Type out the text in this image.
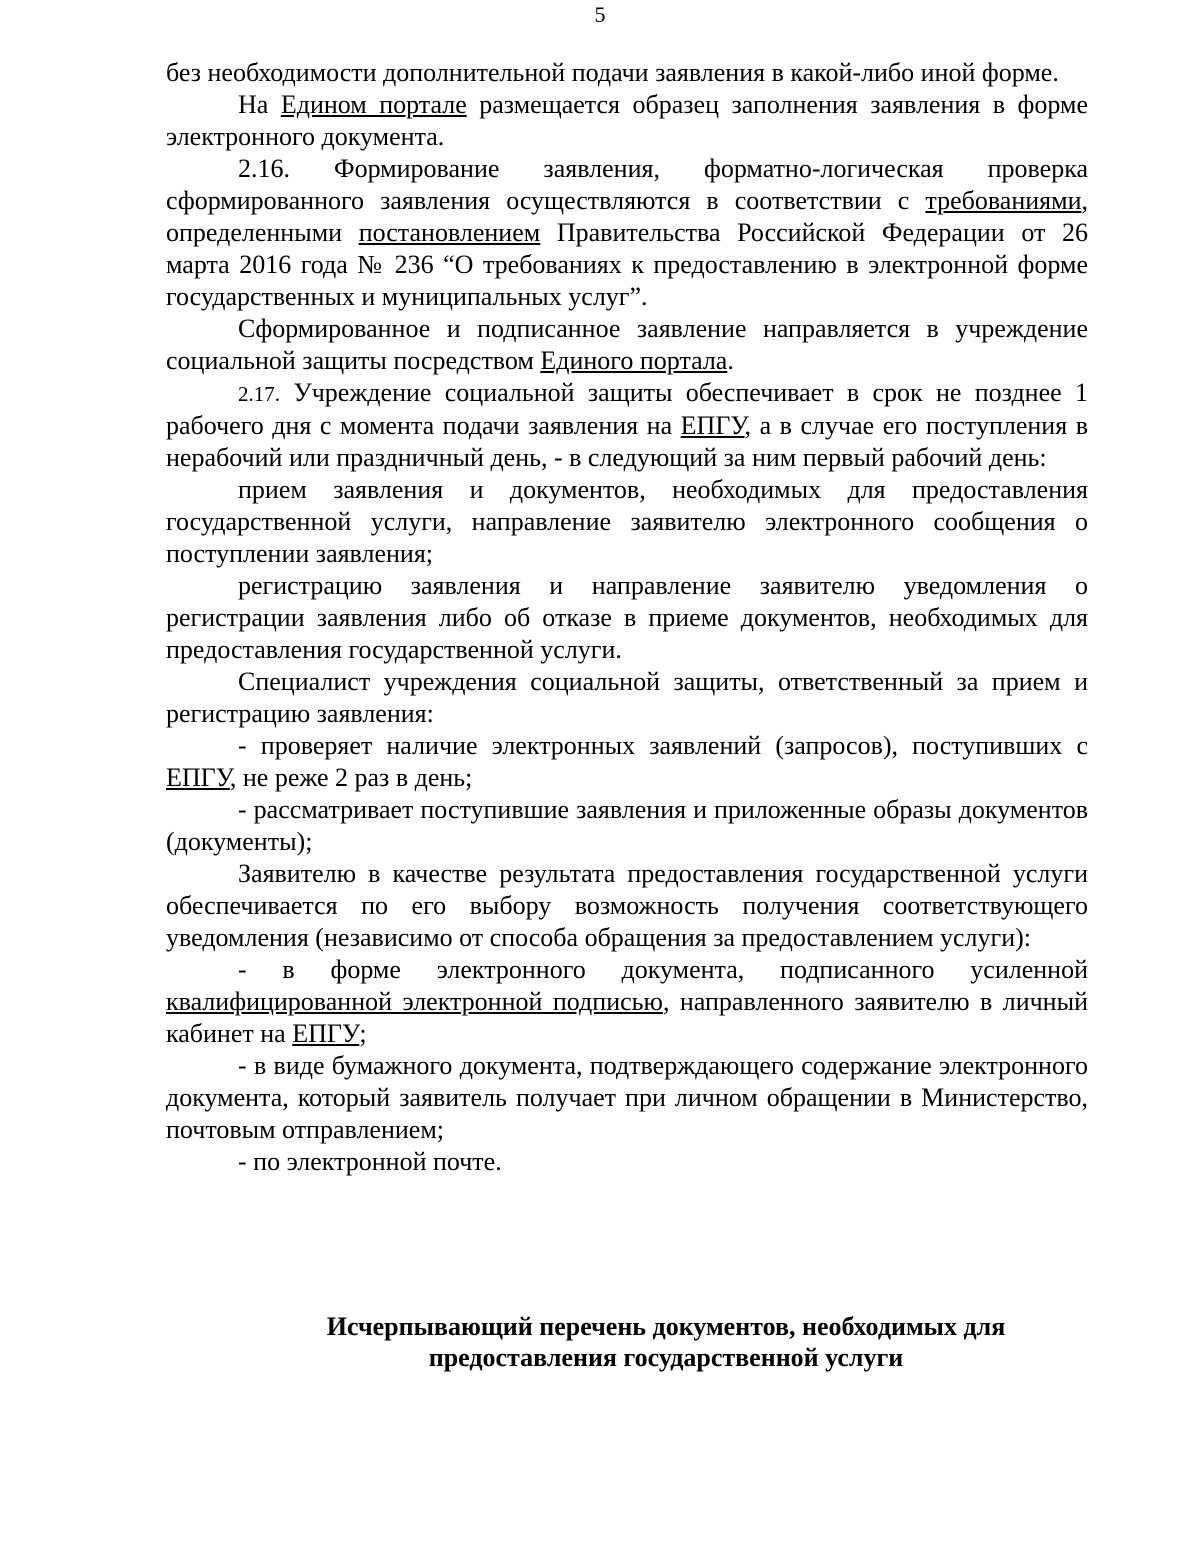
5

без необходимости дополнительной подачи заявления в какой-либо иной форме.

На Едином портале размещается образец заполнения заявления в форме электронного документа.

2.16. Формирование заявления, форматно-логическая проверка сформированного заявления осуществляются в соответствии с требованиями, определенными постановлением Правительства Российской Федерации от 26 марта 2016 года № 236 “О требованиях к предоставлению в электронной форме государственных и муниципальных услуг”.

Сформированное и подписанное заявление направляется в учреждение социальной защиты посредством Единого портала.

2.17. Учреждение социальной защиты обеспечивает в срок не позднее 1 рабочего дня с момента подачи заявления на ЕПГУ, а в случае его поступления в нерабочий или праздничный день, - в следующий за ним первый рабочий день:

прием заявления и документов, необходимых для предоставления государственной услуги, направление заявителю электронного сообщения о поступлении заявления;

регистрацию заявления и направление заявителю уведомления о регистрации заявления либо об отказе в приеме документов, необходимых для предоставления государственной услуги.

Специалист учреждения социальной защиты, ответственный за прием и регистрацию заявления:

- проверяет наличие электронных заявлений (запросов), поступивших с ЕПГУ, не реже 2 раз в день;

- рассматривает поступившие заявления и приложенные образы документов (документы);

Заявителю в качестве результата предоставления государственной услуги обеспечивается по его выбору возможность получения соответствующего уведомления (независимо от способа обращения за предоставлением услуги):

- в форме электронного документа, подписанного усиленной квалифицированной электронной подписью, направленного заявителю в личный кабинет на ЕПГУ;

- в виде бумажного документа, подтверждающего содержание электронного документа, который заявитель получает при личном обращении в Министерство, почтовым отправлением;

- по электронной почте.

Исчерпывающий перечень документов, необходимых для
предоставления государственной услуги
